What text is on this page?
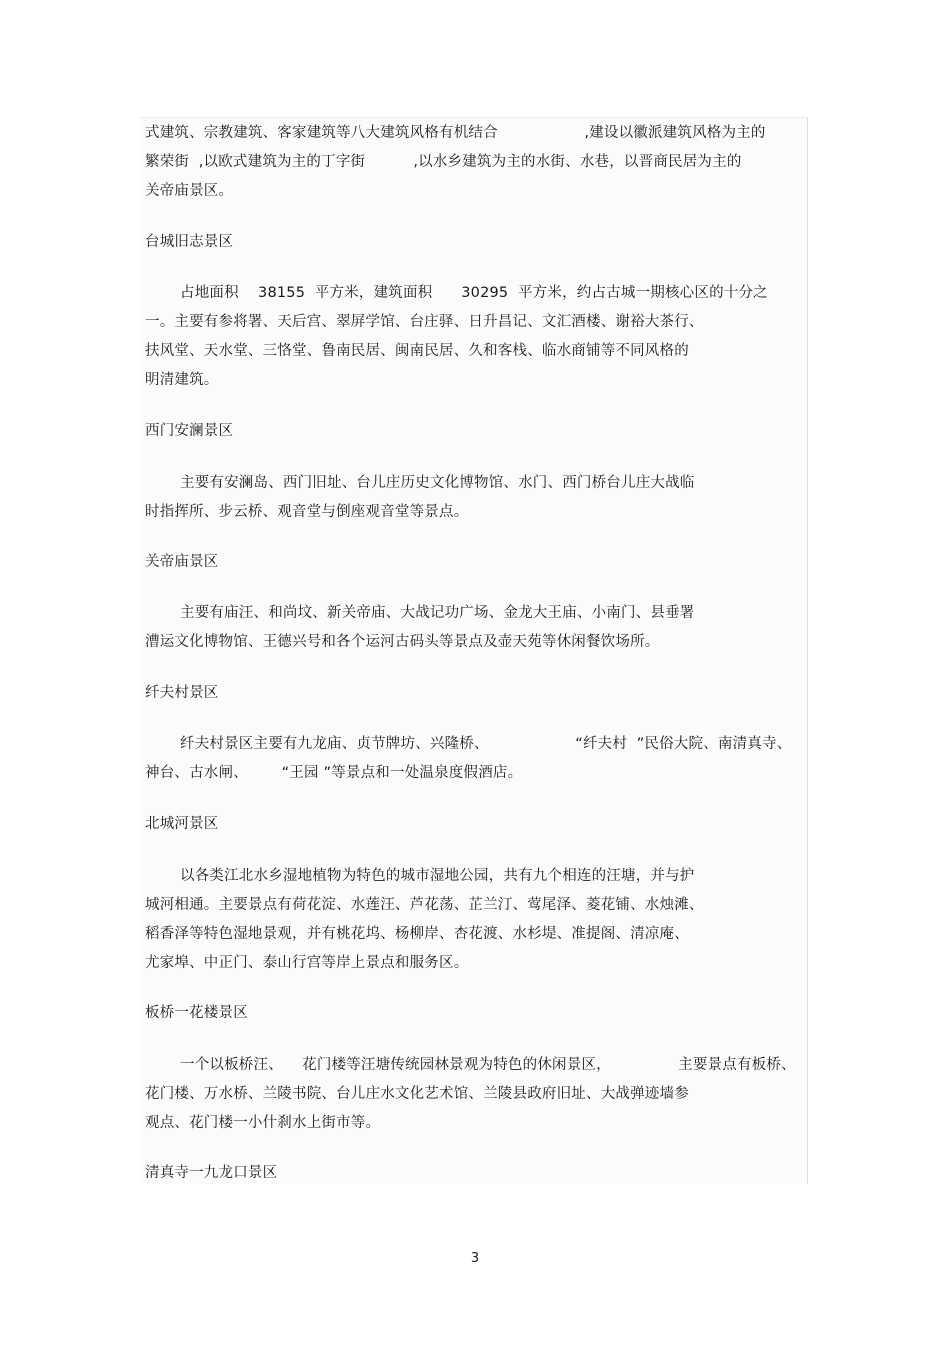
式建筑、宗教建筑、客家建筑等八大建筑风格有机结合                  ,建设以徽派建筑风格为主的
繁荣街  ,以欧式建筑为主的丁字街          ,以水乡建筑为主的水街、水巷，以晋商民居为主的
关帝庙景区。
台城旧志景区
占地面积    38155  平方米，建筑面积      30295  平方米，约占古城一期核心区的十分之
一。主要有参将署、天后宫、翠屏学馆、台庄驿、日升昌记、文汇酒楼、谢裕大茶行、
扶风堂、天水堂、三恪堂、鲁南民居、闽南民居、久和客栈、临水商铺等不同风格的
明清建筑。
西门安澜景区
主要有安澜岛、西门旧址、台儿庄历史文化博物馆、水门、西门桥台儿庄大战临
时指挥所、步云桥、观音堂与倒座观音堂等景点。
关帝庙景区
主要有庙汪、和尚坟、新关帝庙、大战记功广场、金龙大王庙、小南门、县垂署
漕运文化博物馆、王德兴号和各个运河古码头等景点及壶天苑等休闲餐饮场所。
纤夫村景区
纤夫村景区主要有九龙庙、贞节牌坊、兴隆桥、                  “纤夫村  ”民俗大院、南清真寺、
神台、古水闸、       “王园 ”等景点和一处温泉度假酒店。
北城河景区
以各类江北水乡湿地植物为特色的城市湿地公园，共有九个相连的汪塘，并与护
城河相通。主要景点有荷花淀、水莲汪、芦花荡、芷兰汀、莺尾泽、菱花铺、水烛滩、
稻香泽等特色湿地景观，并有桃花坞、杨柳岸、杏花渡、水杉堤、准提阁、清凉庵、
尤家埠、中正门、泰山行宫等岸上景点和服务区。
板桥一花楼景区
一个以板桥汪、    花门楼等汪塘传统园林景观为特色的休闲景区，              主要景点有板桥、
花门楼、万水桥、兰陵书院、台儿庄水文化艺术馆、兰陵县政府旧址、大战弹迹墙参
观点、花门楼一小什刹水上街市等。
清真寺一九龙口景区
3
